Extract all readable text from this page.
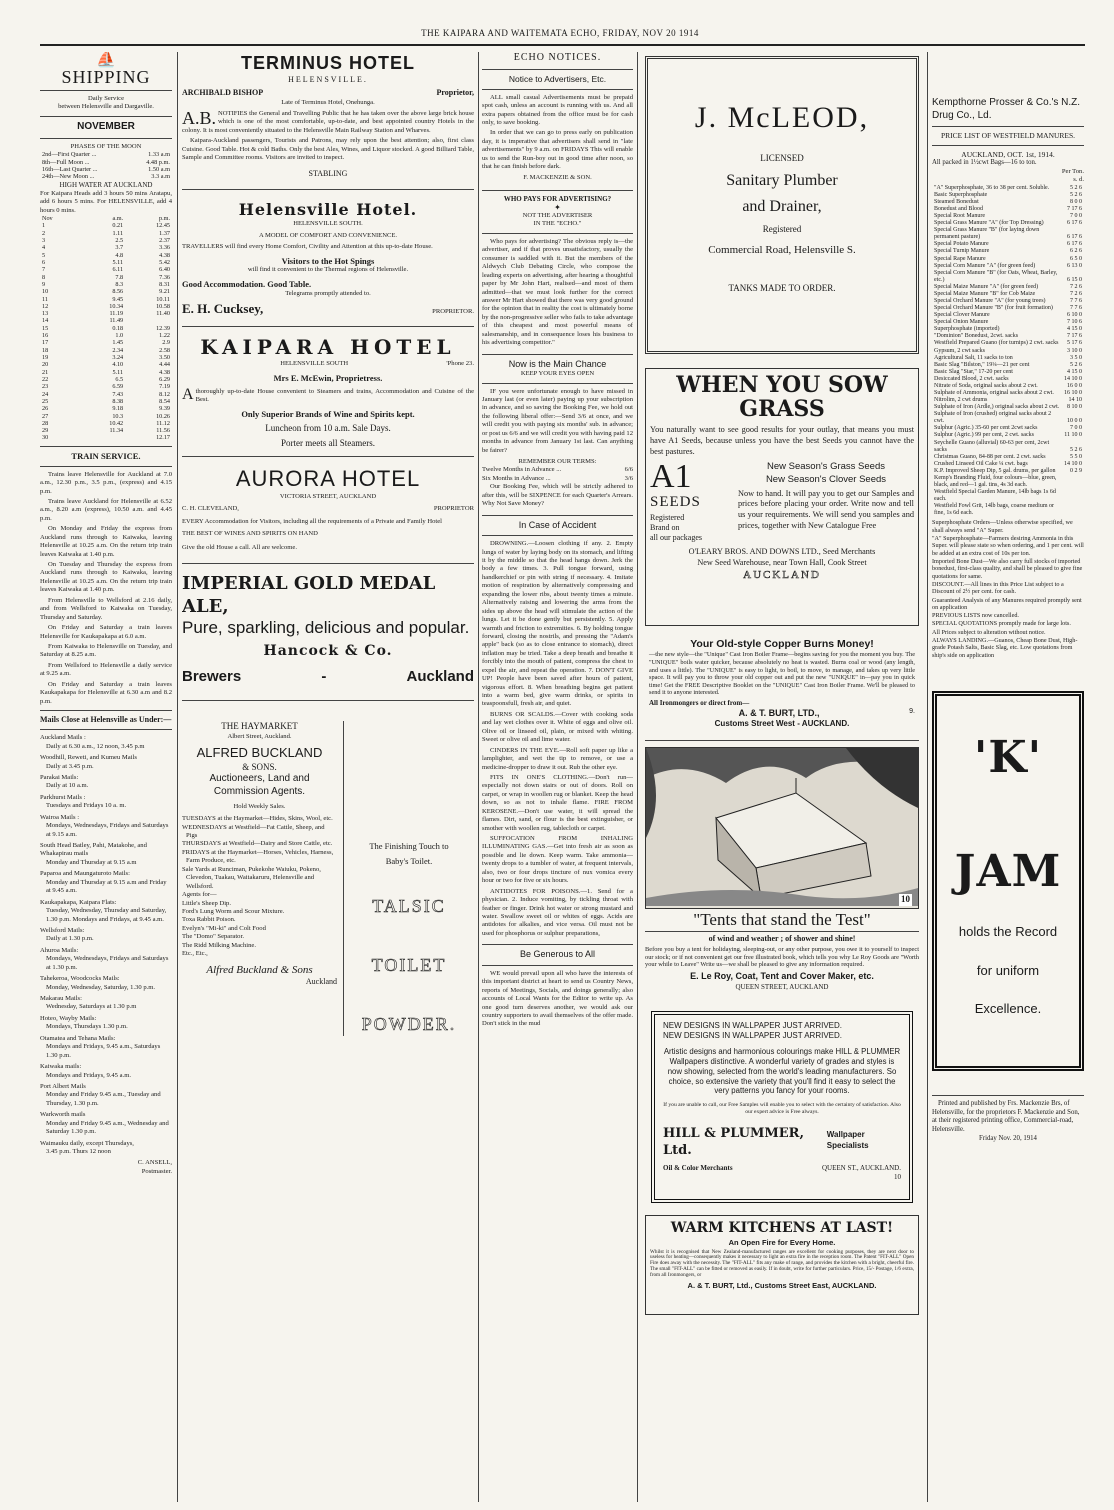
THE KAIPARA AND WAITEMATA ECHO, FRIDAY, NOV 20 1914
⛵
SHIPPING
Daily Service
between Helensville and Dargaville.
NOVEMBER
PHASES OF THE MOON
2nd—First Quarter ...	1.33 a.m
8th—Full Moon ...	4.48 p.m.
16th—Last Quarter ...	1.50 a.m
24th—New Moon ...	3.3 a.m
HIGH WATER AT AUCKLAND
For Kaipara Heads add 3 hours 50 mins Aratapu, add 6 hours 5 mins. For HELENSVILLE, add 4 hours 0 mins.
Nov	a.m.	p.m.
1	0.21	12.45
2	1.11	1.37
3	2.5	2.37
4	3.7	3.36
5	4.8	4.38
6	5.11	5.42
7	6.11	6.40
8	7.8	7.36
9	8.3	8.31
10	8.56	9.21
11	9.45	10.11
12	10.34	10.58
13	11.19	11.40
14	11.49	
15	0.18	12.39
16	1.0	1.22
17	1.45	2.9
18	2.34	2.58
19	3.24	3.50
20	4.10	4.44
21	5.11	4.38
22	6.5	6.29
23	6.59	7.19
24	7.43	8.12
25	8.38	8.54
26	9.18	9.39
27	10.3	10.26
28	10.42	11.12
29	11.34	11.56
30		12.17
TRAIN SERVICE.

Trains leave Helensville for Auckland at 7.0 a.m., 12.30 p.m., 3.5 p.m., (express) and 4.15 p.m.

Trains leave Auckland for Helensville at 6.52 a.m., 8.20 a.m (express), 10.50 a.m. and 4.45 p.m.

On Monday and Friday the express from Auckland runs through to Kaiwaka, leaving Helensville at 10.25 a.m. On the return trip train leaves Kaiwaka at 1.40 p.m.

On Tuesday and Thursday the express from Auckland runs through to Kaiwaka, leaving Helensville at 10.25 a.m. On the return trip train leaves Kaiwaka at 1.40 p.m.

From Helensville to Wellsford at 2.16 daily, and from Wellsford to Kaiwaka on Tuesday, Thursday and Saturday.

On Friday and Saturday a train leaves Helensville for Kaukapakapa at 6.0 a.m.

From Kaiwaka to Helensville on Tuesday, and Saturday at 8.25 a.m.

From Wellsford to Helensville a daily service at 9.25 a.m.

On Friday and Saturday a train leaves Kaukapakapa for Helensville at 6.30 a.m and 8.2 p.m.

Mails Close at Helensville as Under:—
Auckland Mails :
Daily at 6.30 a.m., 12 noon, 3.45 p.m
Woodhill, Reweti, and Kumeu Mails
Daily at 3.45 p.m.
Parakai Mails:
Daily at 10 a.m.
Parkhurst Mails :
Tuesdays and Fridays 10 a. m.
Wairoa Mails :
Mondays, Wednesdays, Fridays and Saturdays at 9.15 a.m.
South Head Batley, Pahi, Matakohe, and Whakapirau mails
Monday and Thursday at 9.15 a.m
Paparoa and Maungaturoto Mails:
Monday and Thursday at 9.15 a.m and Friday at 9.45 a.m.
Kaukapakapa, Kaipara Flats:
Tuesday, Wednesday, Thursday and Saturday, 1.30 p.m. Mondays and Fridays, at 9.45 a.m.
Wellsford Mails:
Daily at 1.30 p.m.
Ahuroa Mails:
Mondays, Wednesdays, Fridays and Saturdays at 1.30 p.m.
Tahekeroa, Woodcocks Mails:
Monday, Wednesday, Saturday, 1.30 p.m.
Makarau Mails:
Wednesday, Saturdays at 1.30 p.m
Hoteo, Wayby Mails:
Mondays, Thursdays 1.30 p.m.
Otamatea and Tehana Mails:
Mondays and Fridays, 9.45 a.m., Saturdays 1.30 p.m.
Kaiwaka mails:
Mondays and Fridays, 9.45 a.m.
Port Albert Mails
Monday and Friday 9.45 a.m., Tuesday and Thursday, 1.30 p.m.
Warkworth mails
Monday and Friday 9.45 a.m., Wednesday and Saturday 1.30 p.m.
Waimauku daily, except Thursdays,
3.45 p.m. Thurs 12 noon
C. ANSELL,
Postmaster.
TERMINUS HOTEL
HELENSVILLE.
ARCHIBALD BISHOP	Proprietor,
Late of Terminus Hotel, Onehunga.

A.B. NOTIFIES the General and Travelling Public that he has taken over the above large brick house which is one of the most comfortable, up-to-date, and best appointed country Hotels in the colony. It is most conveniently situated to the Helensville Main Railway Station and Wharves.

Kaipara-Auckland passengers, Tourists and Patrons, may rely upon the best attention; also, first class Cuisine. Good Table. Hot & cold Baths. Only the best Ales, Wines, and Liquor stocked. A good Billiard Table, Sample and Committee rooms. Visitors are invited to inspect.

STABLING
Helensville Hotel.
HELENSVILLE SOUTH.
A MODEL OF COMFORT AND CONVENIENCE.

TRAVELLERS will find every Home Comfort, Civility and Attention at this up-to-date House.

Visitors to the Hot Spings
will find it convenient to the Thermal regions of Helensville.
Good Accommodation. Good Table.
Telegrams promptly attended to.
E. H. Cucksey,	PROPRIETOR.
KAIPARA HOTEL
HELENSVILLE SOUTH	'Phone 23.
Mrs E. McEwin, Proprietress.

Athoroughly up-to-date House convenient to Steamers and trains, Accommodation and Cuisine of the Best.

Only Superior Brands of Wine and Spirits kept.
Luncheon from 10 a.m. Sale Days.
Porter meets all Steamers.
AURORA HOTEL
VICTORIA STREET, AUCKLAND
C. H. CLEVELAND,	PROPRIETOR

EVERY Accommodation for Visitors, including all the requirements of a Private and Family Hotel

THE BEST OF WINES AND SPIRITS ON HAND
Give the old House a call. All are welcome.
IMPERIAL GOLD MEDAL ALE,
Pure, sparkling, delicious and popular.
Hancock & Co.
Brewers	-	Auckland
THE HAYMARKET
Albert Street, Auckland.
ALFRED BUCKLAND
& SONS.
Auctioneers, Land and Commission Agents.
Hold Weekly Sales.
TUESDAYS at the Haymarket—Hides, Skins, Wool, etc.
WEDNESDAYS at Westfield—Fat Cattle, Sheep, and Pigs
THURSDAYS at Westfield—Dairy and Store Cattle, etc.
FRIDAYS at the Haymarket—Horses, Vehicles, Harness, Farm Produce, etc.
Sale Yards at Runciman, Pukekohe Waiuku, Pokeno, Clevedon, Tuakau, Waitakaruru, Helensville and Wellsford.
Agents for—
Little's Sheep Dip.
Ford's Lung Worm and Scour Mixture.
Toxa Rabbit Poison.
Evelyn's "Mi-ki" and Colt Food
The "Domo" Separator.
The Ridd Milking Machine.
Etc., Etc.,
Alfred Buckland & Sons
Auckland
The Finishing Touch to
Baby's Toilet.
TALSIC
TOILET
POWDER.
ECHO NOTICES.
Notice to Advertisers, Etc.

ALL small casual Advertisements must be prepaid spot cash, unless an account is running with us. And all extra papers obtained from the office must be for cash only, to save booking.

In order that we can go to press early on publication day, it is imperative that advertisers shall send in "late advertisements" by 9 a.m. on FRIDAYS This will enable us to send the Run-boy out in good time after noon, so that he can finish before dark.

F. MACKENZIE & SON.
WHO PAYS FOR ADVERTISING?
✦
NOT THE ADVERTISER
IN THE "ECHO."

Who pays for advertising? The obvious reply is—the advertiser, and if that proves unsatisfactory, usually the consumer is saddled with it. But the members of the Aldwych Club Debating Circle, who compose the leading experts on advertising, after hearing a thoughtful paper by Mr John Hart, realised—and most of them admitted—that we must look further for the correct answer Mr Hart showed that there was very good ground for the opinion that in reality the cost is ultimately borne by the non-progressive seller who fails to take advantage of this cheapest and most powerful means of salesmanship, and in consequence loses his business to his advertising competitor."

Now is the Main Chance
KEEP YOUR EYES OPEN

IF you were unfortunate enough to have missed in January last (or even later) paying up your subscription in advance, and so saving the Booking Fee, we hold out the following liberal offer:—Send 3/6 at once, and we will credit you with paying six months' sub. in advance; or post us 6/6 and we will credit you with having paid 12 months in advance from January 1st last. Can anything be fairer?

REMEMBER OUR TERMS:
Twelve Months in Advance ...	6/6
Six Months in Advance ...	3/6

Our Booking Fee, which will be strictly adhered to after this, will be SIXPENCE for each Quarter's Arrears. Why Not Save Money?

In Case of Accident

DROWNING.—Loosen clothing if any. 2. Empty lungs of water by laying body on its stomach, and lifting it by the middle so that the head hangs down. Jerk the body a few times. 3. Pull tongue forward, using handkerchief or pin with string if necessary. 4. Imitate motion of respiration by alternatively compressing and expanding the lower ribs, about twenty times a minute. Alternatively raising and lowering the arms from the sides up above the head will stimulate the action of the lungs. Let it be done gently but persistently. 5. Apply warmth and friction to extremities. 6. By holding tongue forward, closing the nostrils, and pressing the "Adam's apple" back (so as to close entrance to stomach), direct inflation may be tried. Take a deep breath and breathe it forcibly into the mouth of patient, compress the chest to expel the air, and repeat the operation. 7. DON'T GIVE UP! People have been saved after hours of patient, vigorous effort. 8. When breathing begins get patient into a warm bed, give warm drinks, or spirits in teaspoonsfull, fresh air, and quiet.

BURNS OR SCALDS.—Cover with cooking soda and lay wet clothes over it. White of eggs and olive oil. Olive oil or linseed oil, plain, or mixed with whiting. Sweet or olive oil and lime water.

CINDERS IN THE EYE.—Roll soft paper up like a lamplighter, and wet the tip to remove, or use a medicine-dropper to draw it out. Rub the other eye.

FITS IN ONE'S CLOTHING.—Don't run—especially not down stairs or out of doors. Roll on carpet, or wrap in woollen rug or blanket. Keep the head down, so as not to inhale flame. FIRE FROM KEROSENE.—Don't use water, it will spread the flames. Dirt, sand, or flour is the best extinguisher, or smother with woollen rug, tablecloth or carpet.

SUFFOCATION FROM INHALING ILLUMINATING GAS.—Get into fresh air as soon as possible and lie down. Keep warm. Take ammonia—twenty drops to a tumbler of water, at frequent intervals, also, two or four drops tincture of nux vomica every hour or two for five or six hours.

ANTIDOTES FOR POISONS.—1. Send for a physician. 2. Induce vomiting, by tickling throat with feather or finger. Drink hot water or strong mustard and water. Swallow sweet oil or whites of eggs. Acids are antidotes for alkalies, and vice versa. Oil must not be used for phosphorus or sulphur preparations,

Be Generous to All

WE would prevail upon all who have the interests of this important district at heart to send us Country News, reports of Meetings, Socials, and doings generally; also accounts of Local Wants for the Editor to write up. As one good turn deserves another, we would ask our country supporters to avail themselves of the offer made. Don't stick in the mud

J. McLEOD,
LICENSED
Sanitary Plumber
and Drainer,
Registered
Commercial Road, Helensville S.
TANKS MADE TO ORDER.
WHEN YOU SOW GRASS

You naturally want to see good results for your outlay, that means you must have A1 Seeds, because unless you have the best Seeds you cannot have the best pastures.

A1
SEEDS
Registered
Brand on
all our packages
New Season's Grass Seeds
New Season's Clover Seeds

Now to hand. It will pay you to get our Samples and prices before placing your order. Write now and tell us your requirements. We will send you samples and prices, together with New Catalogue Free

O'LEARY BROS. AND DOWNS LTD., Seed Merchants
New Seed Warehouse, near Town Hall, Cook Street
AUCKLAND
Your Old-style Copper Burns Money!

—the new style—the "Unique" Cast Iron Boiler Frame—begins saving for you the moment you buy. The "UNIQUE" boils water quicker, because absolutely no heat is wasted. Burns coal or wood (any length, and uses a little). The "UNIQUE" is easy to light, to boil, to move, to manage, and takes up very little space. It will pay you to throw your old copper out and put the new "UNIQUE" in—pay you in quick time! Get the FREE Descriptive Booklet on the "UNIQUE" Cast Iron Boiler Frame. We'll be pleased to send it to anyone interested.

All Ironmongers or direct from—
A. & T. BURT, LTD.,	9.
Customs Street West - AUCKLAND.
10
"Tents that stand the Test"
of wind and weather ; of shower and shine!

Before you buy a tent for holidaying, sleeping-out, or any other purpose, you owe it to yourself to inspect our stock; or if not convenient get our free illustrated book, which tells you why Le Roy Goods are "Worth your while to Leave" Write us—we shall be pleased to give any information required.

E. Le Roy, Coat, Tent and Cover Maker, etc.
QUEEN STREET, AUCKLAND
NEW DESIGNS IN WALLPAPER JUST ARRIVED.
NEW DESIGNS IN WALLPAPER JUST ARRIVED.
Artistic designs and harmonious colourings make HILL & PLUMMER Wallpapers distinctive. A wonderful variety of grades and styles is now showing, selected from the world's leading manufacturers. So choice, so extensive the variety that you'll find it easy to select the very patterns you fancy for your rooms.
If you are unable to call, our Free Samples will enable you to select with the certainty of satisfaction. Also our expert advice is Free always.
HILL & PLUMMER, Ltd.
Wallpaper Specialists
Oil & Color Merchants	QUEEN ST., AUCKLAND.
10
WARM KITCHENS AT LAST!
An Open Fire for Every Home.

Whilst it is recognised that New Zealand-manufactured ranges are excellent for cooking purposes, they are next door to useless for heating—consequently makes it necessary to light an extra fire in the reception room. The Patent "FIT-ALL" Open Fire does away with the necessity. The "FIT-ALL" fits any make of range, and provides the kitchen with a bright, cheerful fire. The small "FIT-ALL" can be fitted or removed as easily. If in doubt, write for further particulars. Price, 15/- Postage, 1/6 extra, from all Ironmongers, or

A. & T. BURT, Ltd., Customs Street East, AUCKLAND.
Kempthorne Prosser & Co.'s N.Z. Drug Co., Ld.
PRICE LIST OF WESTFIELD MANURES.
AUCKLAND, OCT. 1st, 1914.
All packed in 1½cwt Bags—16 to ton.
Per Ton.
s. d.
"A" Superphosphate, 36 to 38 per cent. Soluble.	5 2 6
Basic Superphosphate	5 2 6
Steamed Bonedust	8 0 0
Bonedust and Blood	7 17 6
Special Root Manure	7 0 0
Special Grass Manure "A" (for Top Dressing)	6 17 6
Special Grass Manure "B" (for laying down permanent pasture)	6 17 6
Special Potato Manure	6 17 6
Special Turnip Manure	6 2 6
Special Rape Manure	6 5 0
Special Corn Manure "A" (for green feed)	6 13 0
Special Corn Manure "B" (for Oats, Wheat, Barley, etc.)	6 15 0
Special Maize Manure "A" (for green feed)	7 2 6
Special Maize Manure "B" for Cob Maize	7 2 6
Special Orchard Manure "A" (for young trees)	7 7 6
Special Orchard Manure "B" (for fruit formation)	7 7 6
Special Clover Manure	6 10 0
Special Onion Manure	7 10 6
Superphosphate (imported)	4 15 0
"Dominion" Bonedust, 2cwt. sacks	7 17 6
Westfield Prepared Guano (for turnips) 2 cwt. sacks	5 17 6
Gypsum, 2 cwt sacks	3 10 0
Agricultural Salt, 11 sacks to ton	3 5 0
Basic Slag "Bilston," 19¼—21 per cent	5 2 6
Basic Slag "Star," 17-20 per cent	4 15 0
Desiccated Blood, 2 cwt. sacks	14 10 0
Nitrate of Soda, original sacks about 2 cwt.	16 0 0
Sulphate of Ammonia, original sacks about 2 cwt.	16 10 0
Nitrolim, 2 cwt drums	14 10
Sulphate of Iron (Ardle,) original sacks about 2 cwt.	8 10 0
Sulphate of Iron (crushed) original sacks about 2 cwt.	10 0 0
Sulphur (Agric.) 35-60 per cent 2cwt sacks	7 0 0
Sulphur (Agric.) 99 per cent, 2 cwt. sacks	11 10 0
Seychelle Guano (alluvial) 60-63 per cent, 2cwt sacks	5 2 6
Christmas Guano, 84-88 per cent. 2 cwt. sacks	5 5 0
Crushed Linseed Oil Cake ¼ cwt. bags	14 10 0
K.P. Improved Sheep Dip, 5 gal. drums, per gallon	0 2 9
Kemp's Branding Fluid, four colours—blue, green, black, and red—1 gal. tins, 4s 3d each.	
Westfield Special Garden Manure, 14lb bags 1s 6d each.	
Westfield Fowl Grit, 14lb bags, coarse medium or fine, 1s 6d each.	
Superphosphate Orders—Unless otherwise specified, we shall always send "A" Super.
"A" Superphosphate—Farmers desiring Ammonia in this Super. will please state so when ordering, and 1 per cent. will be added at an extra cost of 10s per ton.
Imported Bone Dust—We also carry full stocks of imported bonedust, first-class quality, and shall be pleased to give fine quotations for same.
DISCOUNT.—All lines in this Price List subject to a Discount of 2½ per cent. for cash.
Guaranteed Analysis of any Manures required promptly sent on application
PREVIOUS LISTS now cancelled.
SPECIAL QUOTATIONS promptly made for large lots.
All Prices subject to alteration without notice.
ALWAYS LANDING.—Guanos, Cheap Bone Dust, High-grade Potash Salts, Basic Slag, etc. Low quotations from ship's side on application
'K'
JAM
holds the Record
for uniform
Excellence.
Printed and published by Frs. Mackenzie Brs, of Helensville, for the proprietors F. Mackenzie and Son, at their registered printing office, Commercial-road, Helensville.
Friday Nov. 20, 1914
